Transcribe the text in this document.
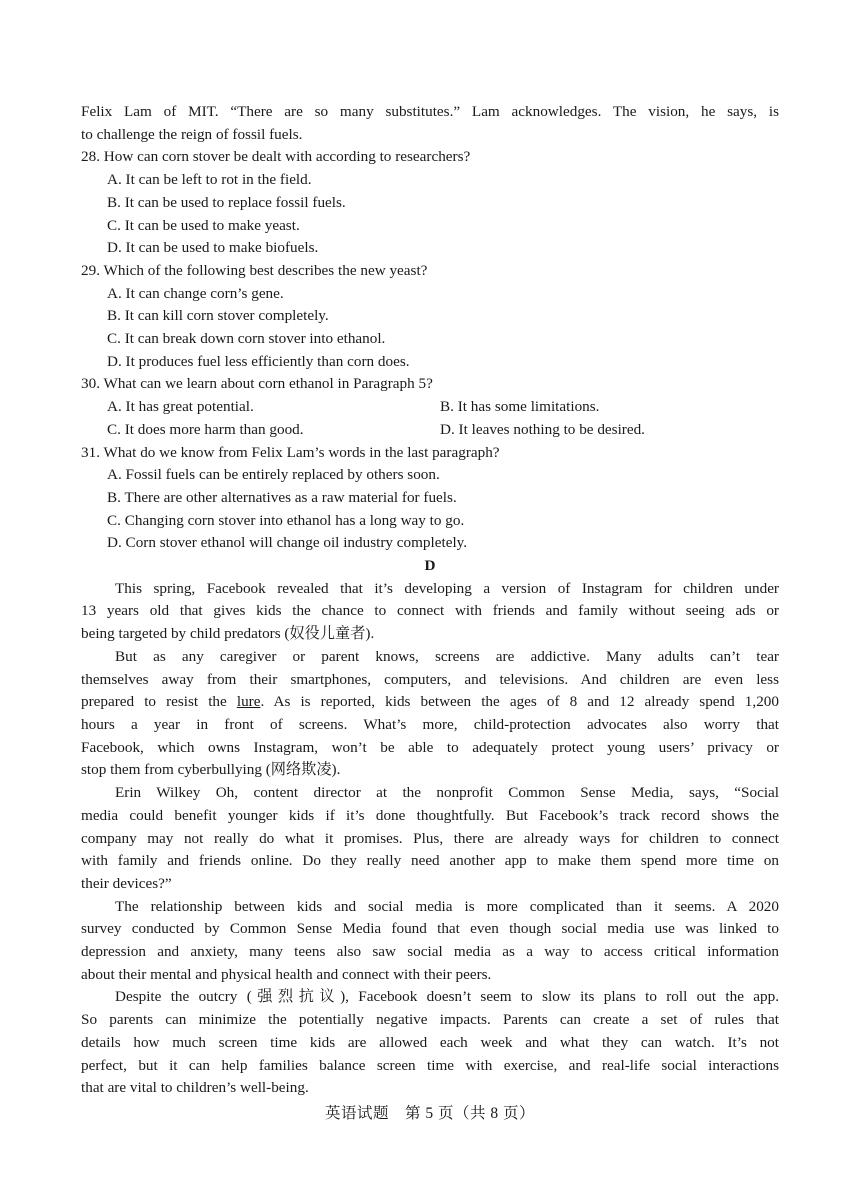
Felix Lam of MIT. “There are so many substitutes.” Lam acknowledges. The vision, he says, is
to challenge the reign of fossil fuels.
28. How can corn stover be dealt with according to researchers?
A. It can be left to rot in the field.
B. It can be used to replace fossil fuels.
C. It can be used to make yeast.
D. It can be used to make biofuels.
29. Which of the following best describes the new yeast?
A. It can change corn’s gene.
B. It can kill corn stover completely.
C. It can break down corn stover into ethanol.
D. It produces fuel less efficiently than corn does.
30. What can we learn about corn ethanol in Paragraph 5?
A. It has great potential.	B. It has some limitations.
C. It does more harm than good.	D. It leaves nothing to be desired.
31. What do we know from Felix Lam’s words in the last paragraph?
A. Fossil fuels can be entirely replaced by others soon.
B. There are other alternatives as a raw material for fuels.
C. Changing corn stover into ethanol has a long way to go.
D. Corn stover ethanol will change oil industry completely.
D
This spring, Facebook revealed that it’s developing a version of Instagram for children under
13 years old that gives kids the chance to connect with friends and family without seeing ads or
being targeted by child predators (奴役儿童者).
But as any caregiver or parent knows, screens are addictive. Many adults can’t tear
themselves away from their smartphones, computers, and televisions. And children are even less
prepared to resist the lure. As is reported, kids between the ages of 8 and 12 already spend 1,200
hours a year in front of screens. What’s more, child-protection advocates also worry that
Facebook, which owns Instagram, won’t be able to adequately protect young users’ privacy or
stop them from cyberbullying (网络欺凌).
Erin Wilkey Oh, content director at the nonprofit Common Sense Media, says, “Social
media could benefit younger kids if it’s done thoughtfully. But Facebook’s track record shows the
company may not really do what it promises. Plus, there are already ways for children to connect
with family and friends online. Do they really need another app to make them spend more time on
their devices?”
The relationship between kids and social media is more complicated than it seems. A 2020
survey conducted by Common Sense Media found that even though social media use was linked to
depression and anxiety, many teens also saw social media as a way to access critical information
about their mental and physical health and connect with their peers.
Despite the outcry (强烈抗议), Facebook doesn’t seem to slow its plans to roll out the app.
So parents can minimize the potentially negative impacts. Parents can create a set of rules that
details how much screen time kids are allowed each week and what they can watch. It’s not
perfect, but it can help families balance screen time with exercise, and real-life social interactions
that are vital to children’s well-being.
英语试题　第 5 页（共 8 页）
